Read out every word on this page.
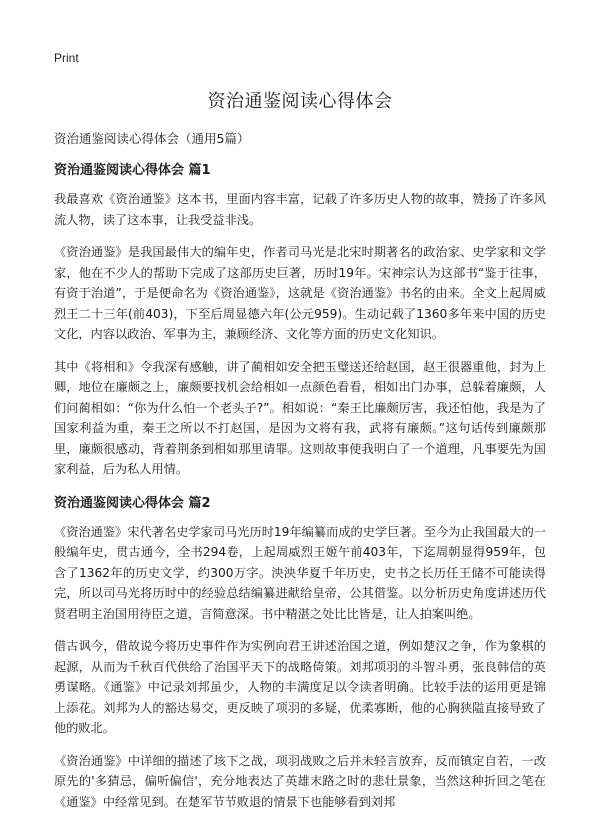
Print
资治通鉴阅读心得体会

资治通鉴阅读心得体会（通用5篇）

资治通鉴阅读心得体会 篇1

我最喜欢《资治通鉴》这本书，里面内容丰富，记载了许多历史人物的故事，赞扬了许多风流人物，读了这本事，让我受益非浅。

《资治通鉴》是我国最伟大的编年史，作者司马光是北宋时期著名的政治家、史学家和文学家，他在不少人的帮助下完成了这部历史巨著，历时19年。宋神宗认为这部书“鉴于往事，有资于治道”，于是便命名为《资治通鉴》，这就是《资治通鉴》书名的由来。全文上起周威烈王二十三年(前403)，下至后周显德六年(公元959)。生动记载了1360多年来中国的历史文化，内容以政治、军事为主，兼顾经济、文化等方面的历史文化知识。

其中《将相和》令我深有感触，讲了蔺相如安全把玉璧送还给赵国，赵王很器重他，封为上卿，地位在廉颇之上，廉颇要找机会给相如一点颜色看看，相如出门办事，总躲着廉颇，人们问蔺相如：“你为什么怕一个老头子?”。相如说：“秦王比廉颇厉害，我还怕他，我是为了国家利益为重，秦王之所以不打赵国，是因为文将有我，武将有廉颇。”这句话传到廉颇那里，廉颇很感动，背着荆条到相如那里请罪。这则故事使我明白了一个道理，凡事要先为国家利益，后为私人用情。

资治通鉴阅读心得体会 篇2

《资治通鉴》宋代著名史学家司马光历时19年编纂而成的史学巨著。至今为止我国最大的一般编年史，贯古通今，全书294卷，上起周威烈王姬午前403年，下迄周朝显得959年，包含了1362年的历史文学，约300万字。泱泱华夏千年历史，史书之长历任王储不可能读得完，所以司马光将历时中的经验总结编纂进献给皇帝，公其借鉴。以分析历史角度讲述历代贤君明主治国用待臣之道，言简意深。书中精湛之处比比皆是，让人拍案叫绝。

借古讽今，借故说今将历史事件作为实例向君王讲述治国之道，例如楚汉之争，作为象棋的起源，从而为千秋百代供给了治国平天下的战略倚策。刘邦项羽的斗智斗勇，张良韩信的英勇谋略。《通鉴》中记录刘邦虽少，人物的丰满度足以令读者明确。比较手法的运用更是锦上添花。刘邦为人的豁达易交，更反映了项羽的多疑，优柔寡断，他的心胸狭隘直接导致了他的败北。

《资治通鉴》中详细的描述了垓下之战，项羽战败之后并未轻言放弃，反而镇定自若，一改原先的'多猜忌，偏听偏信'，充分地表达了英雄末路之时的悲壮景象，当然这种折回之笔在《通鉴》中经常见到。在楚军节节败退的情景下也能够看到刘邦
